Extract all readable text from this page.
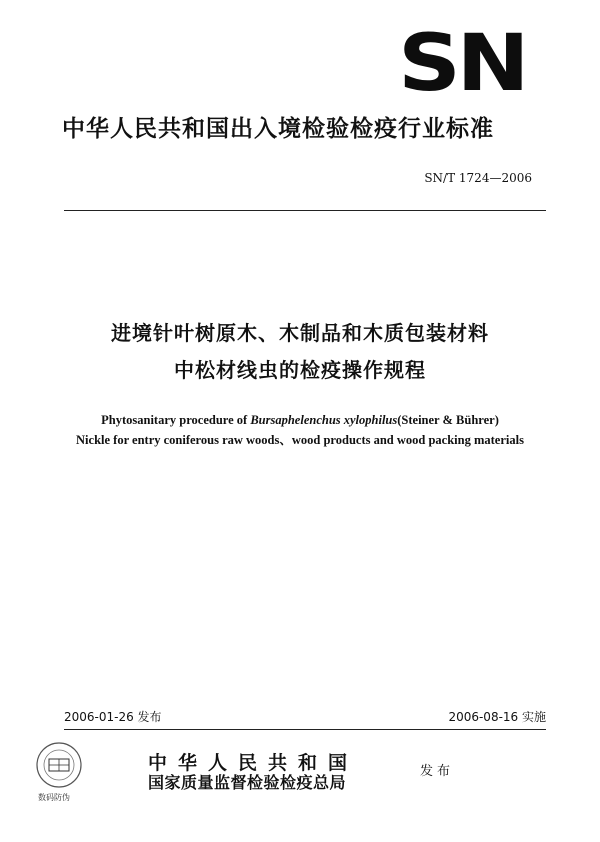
SN
中华人民共和国出入境检验检疫行业标准
SN/T 1724—2006
进境针叶树原木、木制品和木质包装材料
中松材线虫的检疫操作规程
Phytosanitary procedure of Bursaphelenchus xylophilus(Steiner & Bührer)
Nickle for entry coniferous raw woods、wood products and wood packing materials
2006-01-26 发布	2006-08-16 实施
数码防伪
中华人民共和国
国家质量监督检验检疫总局
发布
